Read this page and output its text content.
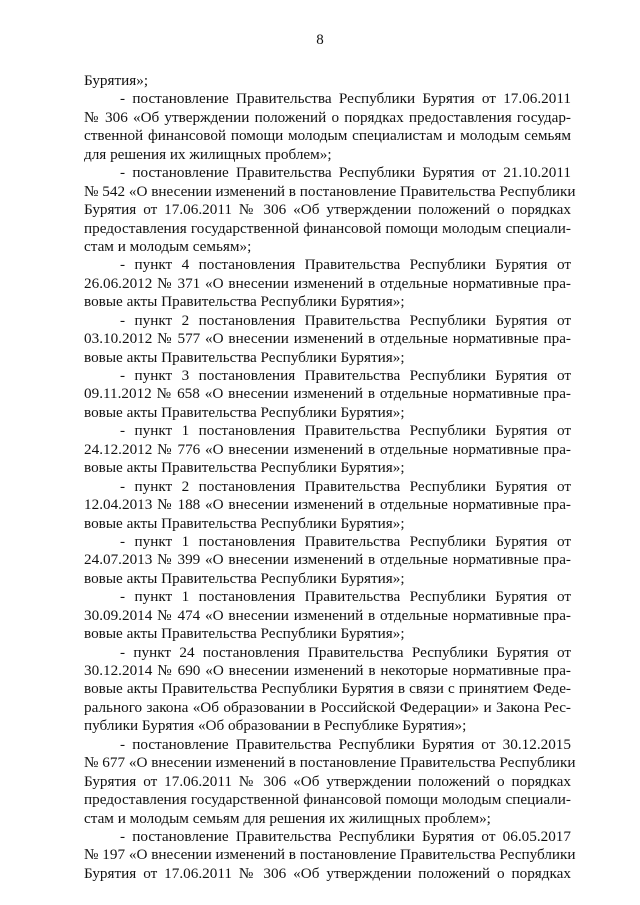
8
Бурятия»;
- постановление Правительства Республики Бурятия от 17.06.2011
№ 306 «Об утверждении положений о порядках предоставления государ-
ственной финансовой помощи молодым специалистам и молодым семьям
для решения их жилищных проблем»;
- постановление Правительства Республики Бурятия от 21.10.2011
№ 542 «О внесении изменений в постановление Правительства Республики
Бурятия от 17.06.2011 № 306 «Об утверждении положений о порядках
предоставления государственной финансовой помощи молодым специали-
стам и молодым семьям»;
- пункт 4 постановления Правительства Республики Бурятия от
26.06.2012 № 371 «О внесении изменений в отдельные нормативные пра-
вовые акты Правительства Республики Бурятия»;
- пункт 2 постановления Правительства Республики Бурятия от
03.10.2012 № 577 «О внесении изменений в отдельные нормативные пра-
вовые акты Правительства Республики Бурятия»;
- пункт 3 постановления Правительства Республики Бурятия от
09.11.2012 № 658 «О внесении изменений в отдельные нормативные пра-
вовые акты Правительства Республики Бурятия»;
- пункт 1 постановления Правительства Республики Бурятия от
24.12.2012 № 776 «О внесении изменений в отдельные нормативные пра-
вовые акты Правительства Республики Бурятия»;
- пункт 2 постановления Правительства Республики Бурятия от
12.04.2013 № 188 «О внесении изменений в отдельные нормативные пра-
вовые акты Правительства Республики Бурятия»;
- пункт 1 постановления Правительства Республики Бурятия от
24.07.2013 № 399 «О внесении изменений в отдельные нормативные пра-
вовые акты Правительства Республики Бурятия»;
- пункт 1 постановления Правительства Республики Бурятия от
30.09.2014 № 474 «О внесении изменений в отдельные нормативные пра-
вовые акты Правительства Республики Бурятия»;
- пункт 24 постановления Правительства Республики Бурятия от
30.12.2014 № 690 «О внесении изменений в некоторые нормативные пра-
вовые акты Правительства Республики Бурятия в связи с принятием Федe-
рального закона «Об образовании в Российской Федерации» и Закона Рес-
публики Бурятия «Об образовании в Республике Бурятия»;
- постановление Правительства Республики Бурятия от 30.12.2015
№ 677 «О внесении изменений в постановление Правительства Республики
Бурятия от 17.06.2011 № 306 «Об утверждении положений о порядках
предоставления государственной финансовой помощи молодым специали-
стам и молодым семьям для решения их жилищных проблем»;
- постановление Правительства Республики Бурятия от 06.05.2017
№ 197 «О внесении изменений в постановление Правительства Республики
Бурятия от 17.06.2011 № 306 «Об утверждении положений о порядках
